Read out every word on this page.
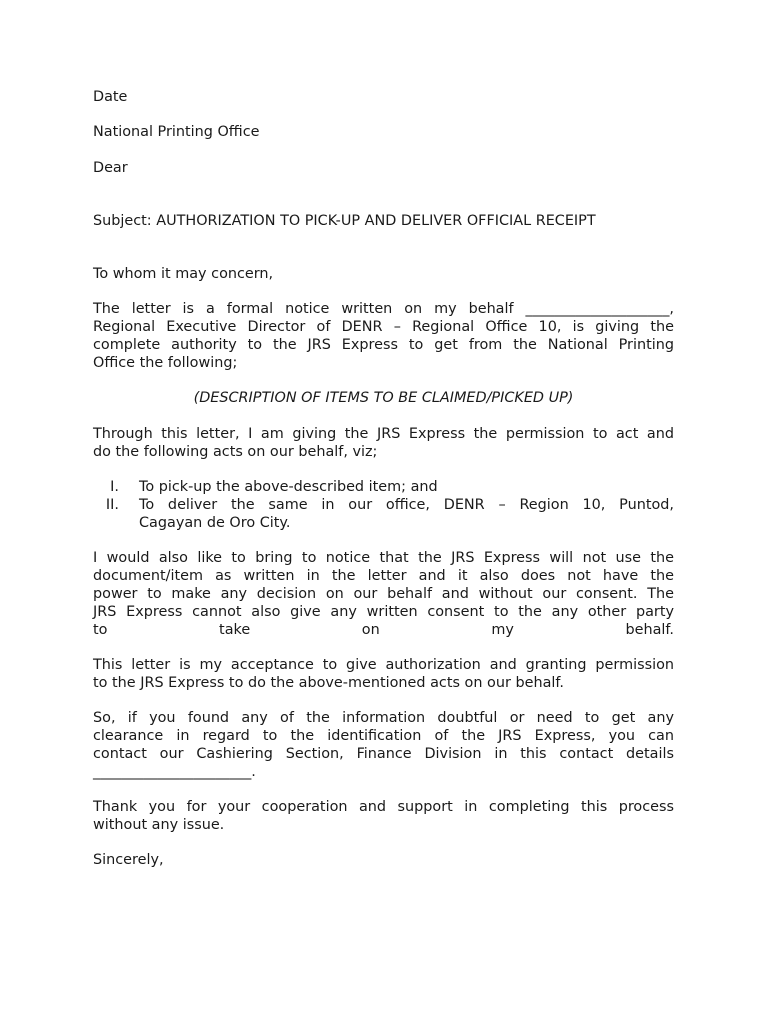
Date
National Printing Office
Dear
Subject: AUTHORIZATION TO PICK-UP AND DELIVER OFFICIAL RECEIPT
To whom it may concern,
The letter is a formal notice written on my behalf ____________________,
Regional Executive Director of DENR – Regional Office 10, is giving the
complete authority to the JRS Express to get from the National Printing
Office the following;
(DESCRIPTION OF ITEMS TO BE CLAIMED/PICKED UP)
Through this letter, I am giving the JRS Express the permission to act and
do the following acts on our behalf, viz;
I. To pick-up the above-described item; and
II. To deliver the same in our office, DENR – Region 10, Puntod,
Cagayan de Oro City.
I would also like to bring to notice that the JRS Express will not use the
document/item as written in the letter and it also does not have the
power to make any decision on our behalf and without our consent. The
JRS Express cannot also give any written consent to the any other party
to take on my behalf.
This letter is my acceptance to give authorization and granting permission
to the JRS Express to do the above-mentioned acts on our behalf.
So, if you found any of the information doubtful or need to get any
clearance in regard to the identification of the JRS Express, you can
contact our Cashiering Section, Finance Division in this contact details
______________________.
Thank you for your cooperation and support in completing this process
without any issue.
Sincerely,
